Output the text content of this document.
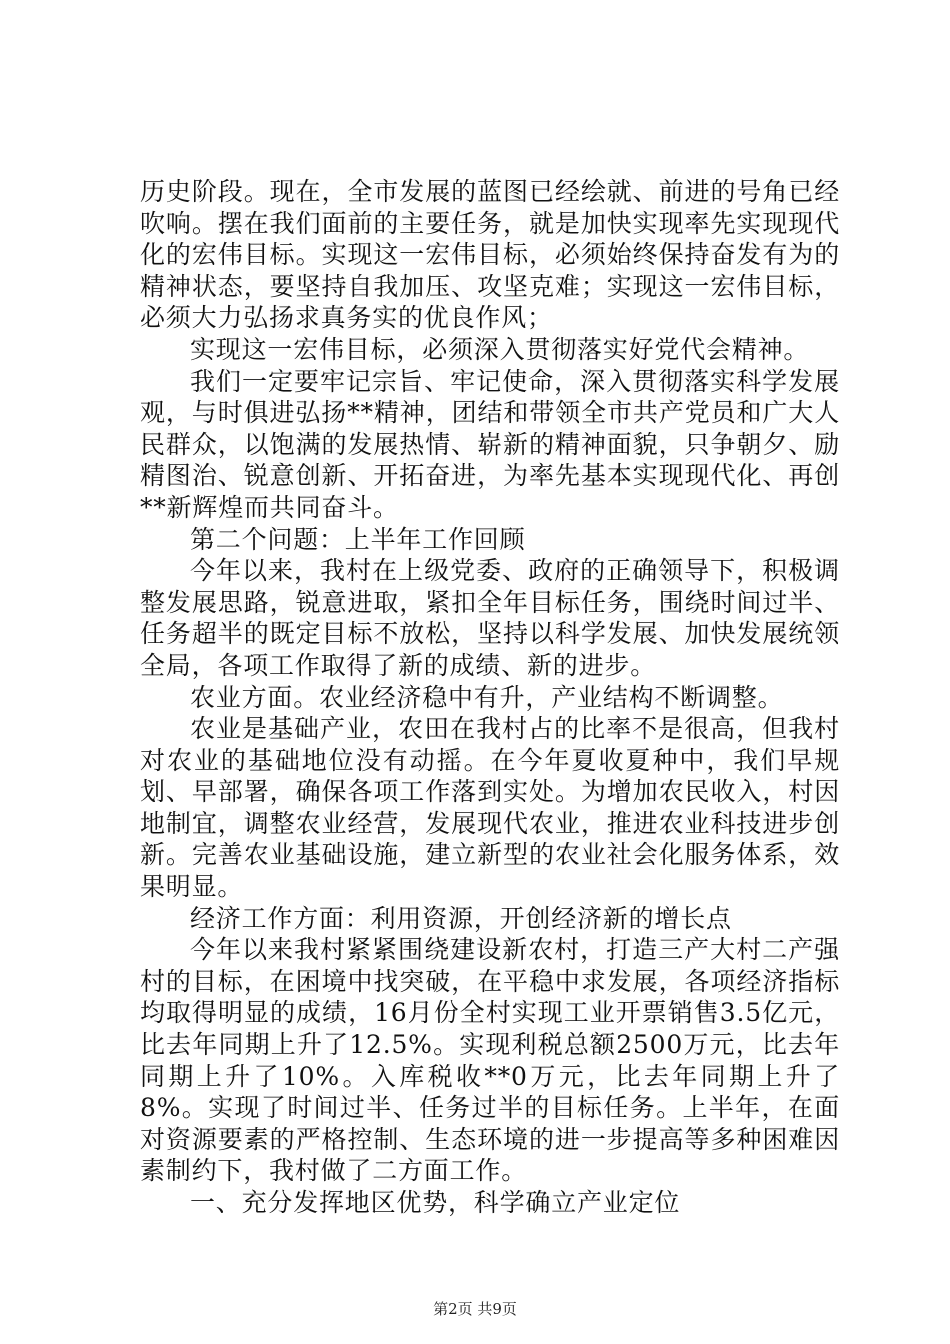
历史阶段。现在，全市发展的蓝图已经绘就、前进的号角已经吹响。摆在我们面前的主要任务，就是加快实现率先实现现代化的宏伟目标。实现这一宏伟目标，必须始终保持奋发有为的精神状态，要坚持自我加压、攻坚克难；实现这一宏伟目标，必须大力弘扬求真务实的优良作风；

实现这一宏伟目标，必须深入贯彻落实好党代会精神。

我们一定要牢记宗旨、牢记使命，深入贯彻落实科学发展观，与时俱进弘扬**精神，团结和带领全市共产党员和广大人民群众，以饱满的发展热情、崭新的精神面貌，只争朝夕、励精图治、锐意创新、开拓奋进，为率先基本实现现代化、再创**新辉煌而共同奋斗。

第二个问题：上半年工作回顾

今年以来，我村在上级党委、政府的正确领导下，积极调整发展思路，锐意进取，紧扣全年目标任务，围绕时间过半、任务超半的既定目标不放松，坚持以科学发展、加快发展统领全局，各项工作取得了新的成绩、新的进步。

农业方面。农业经济稳中有升，产业结构不断调整。

农业是基础产业，农田在我村占的比率不是很高，但我村对农业的基础地位没有动摇。在今年夏收夏种中，我们早规划、早部署，确保各项工作落到实处。为增加农民收入，村因地制宜，调整农业经营，发展现代农业，推进农业科技进步创新。完善农业基础设施，建立新型的农业社会化服务体系，效果明显。

经济工作方面：利用资源，开创经济新的增长点

今年以来我村紧紧围绕建设新农村，打造三产大村二产强村的目标，在困境中找突破，在平稳中求发展，各项经济指标均取得明显的成绩，16月份全村实现工业开票销售3.5亿元，比去年同期上升了12.5%。实现利税总额2500万元，比去年同期上升了10%。入库税收**0万元，比去年同期上升了8%。实现了时间过半、任务过半的目标任务。上半年，在面对资源要素的严格控制、生态环境的进一步提高等多种困难因素制约下，我村做了二方面工作。

一、充分发挥地区优势，科学确立产业定位

第2页 共9页
